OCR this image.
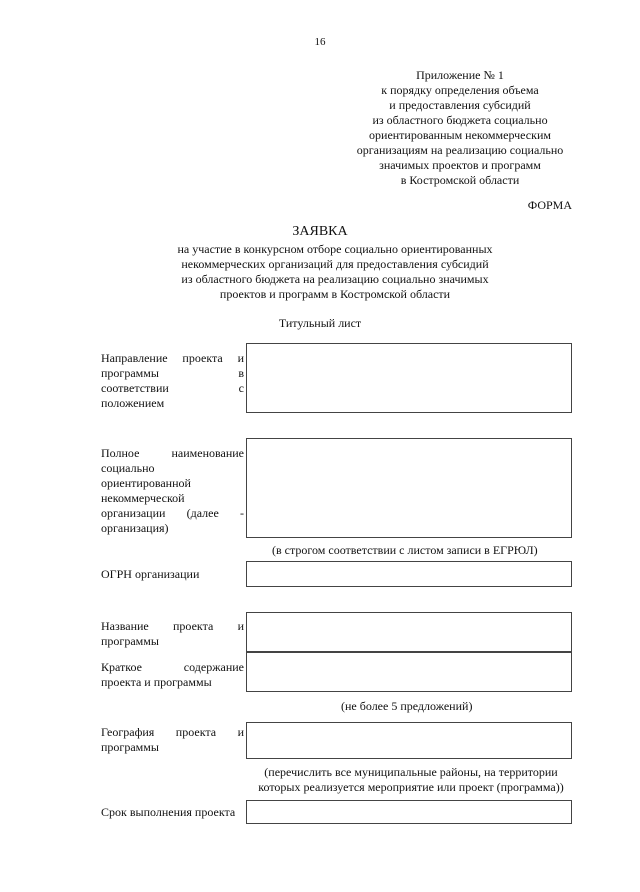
16
Приложение № 1
к порядку определения объема
и предоставления субсидий
из областного бюджета социально
ориентированным некоммерческим
организациям на реализацию социально
значимых проектов и программ
в Костромской области
ФОРМА
ЗАЯВКА
на участие в конкурсном отборе социально ориентированных
некоммерческих организаций для предоставления субсидий
из областного бюджета на реализацию социально значимых
проектов и программ в Костромской области
Титульный лист
Направление проекта и
программы в
соответствии с
положением
Полное наименование
социально
ориентированной
некоммерческой
организации (далее -
организация)
(в строгом соответствии с листом записи в ЕГРЮЛ)
ОГРН организации
Название проекта и
программы
Краткое содержание
проекта и программы
(не более 5 предложений)
География проекта и
программы
(перечислить все муниципальные районы, на территории
которых реализуется мероприятие или проект (программа))
Срок выполнения проекта
